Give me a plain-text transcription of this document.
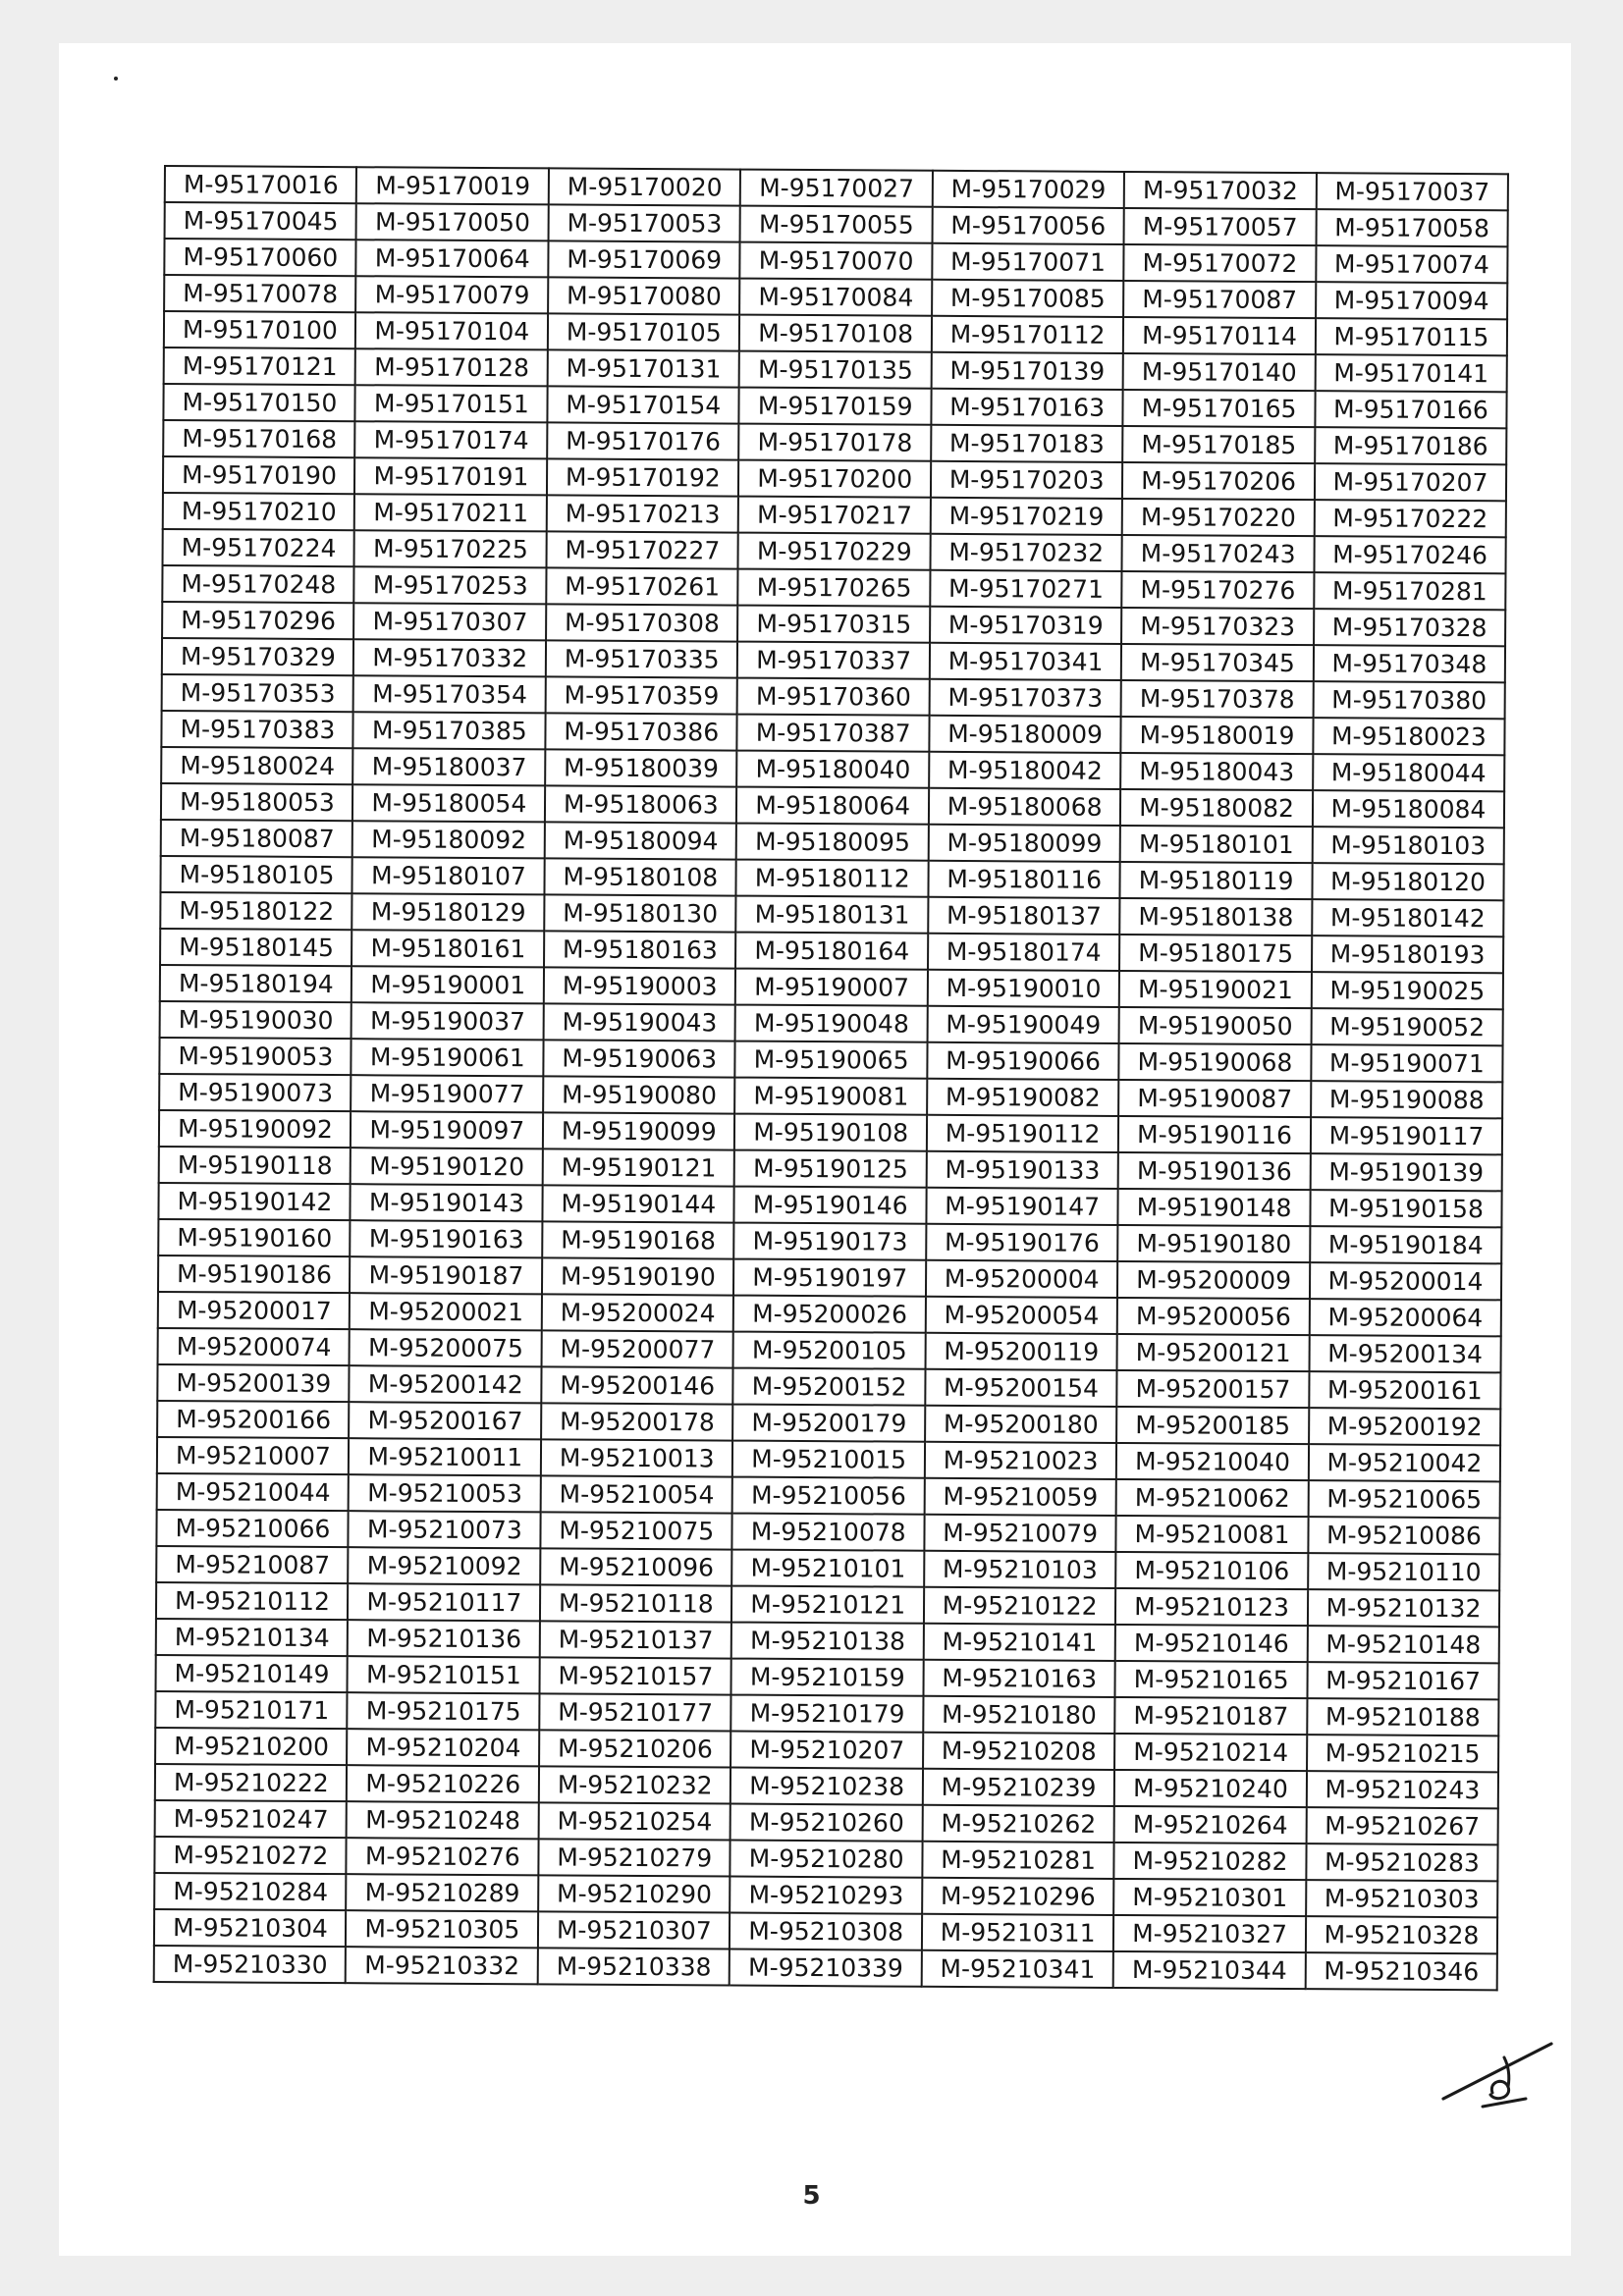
M-95170016	M-95170019	M-95170020	M-95170027	M-95170029	M-95170032	M-95170037
M-95170045	M-95170050	M-95170053	M-95170055	M-95170056	M-95170057	M-95170058
M-95170060	M-95170064	M-95170069	M-95170070	M-95170071	M-95170072	M-95170074
M-95170078	M-95170079	M-95170080	M-95170084	M-95170085	M-95170087	M-95170094
M-95170100	M-95170104	M-95170105	M-95170108	M-95170112	M-95170114	M-95170115
M-95170121	M-95170128	M-95170131	M-95170135	M-95170139	M-95170140	M-95170141
M-95170150	M-95170151	M-95170154	M-95170159	M-95170163	M-95170165	M-95170166
M-95170168	M-95170174	M-95170176	M-95170178	M-95170183	M-95170185	M-95170186
M-95170190	M-95170191	M-95170192	M-95170200	M-95170203	M-95170206	M-95170207
M-95170210	M-95170211	M-95170213	M-95170217	M-95170219	M-95170220	M-95170222
M-95170224	M-95170225	M-95170227	M-95170229	M-95170232	M-95170243	M-95170246
M-95170248	M-95170253	M-95170261	M-95170265	M-95170271	M-95170276	M-95170281
M-95170296	M-95170307	M-95170308	M-95170315	M-95170319	M-95170323	M-95170328
M-95170329	M-95170332	M-95170335	M-95170337	M-95170341	M-95170345	M-95170348
M-95170353	M-95170354	M-95170359	M-95170360	M-95170373	M-95170378	M-95170380
M-95170383	M-95170385	M-95170386	M-95170387	M-95180009	M-95180019	M-95180023
M-95180024	M-95180037	M-95180039	M-95180040	M-95180042	M-95180043	M-95180044
M-95180053	M-95180054	M-95180063	M-95180064	M-95180068	M-95180082	M-95180084
M-95180087	M-95180092	M-95180094	M-95180095	M-95180099	M-95180101	M-95180103
M-95180105	M-95180107	M-95180108	M-95180112	M-95180116	M-95180119	M-95180120
M-95180122	M-95180129	M-95180130	M-95180131	M-95180137	M-95180138	M-95180142
M-95180145	M-95180161	M-95180163	M-95180164	M-95180174	M-95180175	M-95180193
M-95180194	M-95190001	M-95190003	M-95190007	M-95190010	M-95190021	M-95190025
M-95190030	M-95190037	M-95190043	M-95190048	M-95190049	M-95190050	M-95190052
M-95190053	M-95190061	M-95190063	M-95190065	M-95190066	M-95190068	M-95190071
M-95190073	M-95190077	M-95190080	M-95190081	M-95190082	M-95190087	M-95190088
M-95190092	M-95190097	M-95190099	M-95190108	M-95190112	M-95190116	M-95190117
M-95190118	M-95190120	M-95190121	M-95190125	M-95190133	M-95190136	M-95190139
M-95190142	M-95190143	M-95190144	M-95190146	M-95190147	M-95190148	M-95190158
M-95190160	M-95190163	M-95190168	M-95190173	M-95190176	M-95190180	M-95190184
M-95190186	M-95190187	M-95190190	M-95190197	M-95200004	M-95200009	M-95200014
M-95200017	M-95200021	M-95200024	M-95200026	M-95200054	M-95200056	M-95200064
M-95200074	M-95200075	M-95200077	M-95200105	M-95200119	M-95200121	M-95200134
M-95200139	M-95200142	M-95200146	M-95200152	M-95200154	M-95200157	M-95200161
M-95200166	M-95200167	M-95200178	M-95200179	M-95200180	M-95200185	M-95200192
M-95210007	M-95210011	M-95210013	M-95210015	M-95210023	M-95210040	M-95210042
M-95210044	M-95210053	M-95210054	M-95210056	M-95210059	M-95210062	M-95210065
M-95210066	M-95210073	M-95210075	M-95210078	M-95210079	M-95210081	M-95210086
M-95210087	M-95210092	M-95210096	M-95210101	M-95210103	M-95210106	M-95210110
M-95210112	M-95210117	M-95210118	M-95210121	M-95210122	M-95210123	M-95210132
M-95210134	M-95210136	M-95210137	M-95210138	M-95210141	M-95210146	M-95210148
M-95210149	M-95210151	M-95210157	M-95210159	M-95210163	M-95210165	M-95210167
M-95210171	M-95210175	M-95210177	M-95210179	M-95210180	M-95210187	M-95210188
M-95210200	M-95210204	M-95210206	M-95210207	M-95210208	M-95210214	M-95210215
M-95210222	M-95210226	M-95210232	M-95210238	M-95210239	M-95210240	M-95210243
M-95210247	M-95210248	M-95210254	M-95210260	M-95210262	M-95210264	M-95210267
M-95210272	M-95210276	M-95210279	M-95210280	M-95210281	M-95210282	M-95210283
M-95210284	M-95210289	M-95210290	M-95210293	M-95210296	M-95210301	M-95210303
M-95210304	M-95210305	M-95210307	M-95210308	M-95210311	M-95210327	M-95210328
M-95210330	M-95210332	M-95210338	M-95210339	M-95210341	M-95210344	M-95210346
5
